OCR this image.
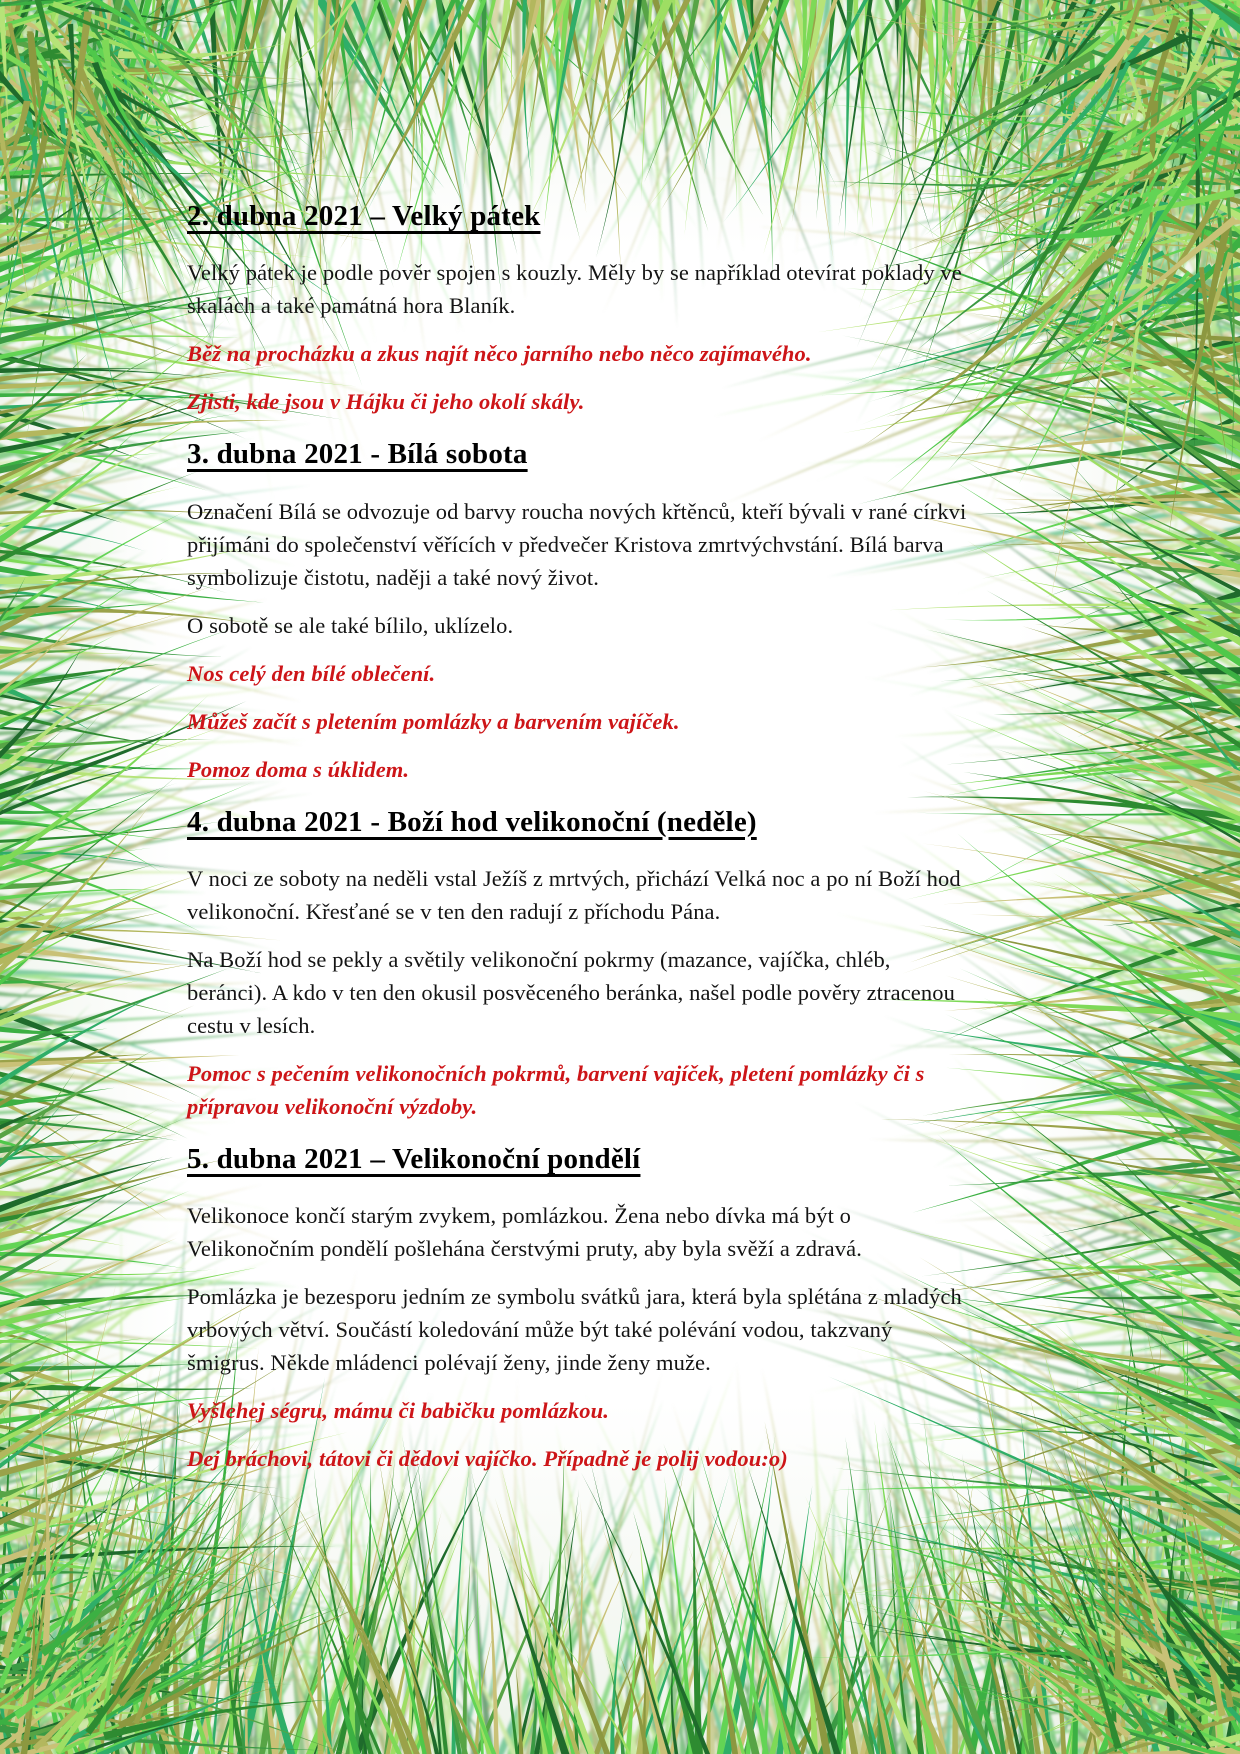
2. dubna 2021 – Velký pátek

Velký pátek je podle pověr spojen s kouzly. Měly by se například otevírat poklady ve skalách a také památná hora Blaník.

Běž na procházku a zkus najít něco jarního nebo něco zajímavého.

Zjisti, kde jsou v Hájku či jeho okolí skály.

3. dubna 2021 - Bílá sobota

Označení Bílá se odvozuje od barvy roucha nových křtěnců, kteří bývali v rané církvi přijímáni do společenství věřících v předvečer Kristova zmrtvýchvstání. Bílá barva symbolizuje čistotu, naději a také nový život.

O sobotě se ale také bílilo, uklízelo.

Nos celý den bílé oblečení.

Můžeš začít s pletením pomlázky a barvením vajíček.

Pomoz doma s úklidem.

4. dubna 2021 - Boží hod velikonoční (neděle)

V noci ze soboty na neděli vstal Ježíš z mrtvých, přichází Velká noc a po ní Boží hod velikonoční. Křesťané se v ten den radují z příchodu Pána.

Na Boží hod se pekly a světily velikonoční pokrmy (mazance, vajíčka, chléb, beránci). A kdo v ten den okusil posvěceného beránka, našel podle pověry ztracenou cestu v lesích.

Pomoc s pečením velikonočních pokrmů, barvení vajíček, pletení pomlázky či s přípravou velikonoční výzdoby.

5. dubna 2021 – Velikonoční pondělí

Velikonoce končí starým zvykem, pomlázkou. Žena nebo dívka má být o Velikonočním pondělí pošlehána čerstvými pruty, aby byla svěží a zdravá.

Pomlázka je bezesporu jedním ze symbolu svátků jara, která byla splétána z mladých vrbových větví. Součástí koledování může být také polévání vodou, takzvaný šmigrus. Někde mládenci polévají ženy, jinde ženy muže.

Vyšlehej ségru, mámu či babičku pomlázkou.

Dej bráchovi, tátovi či dědovi vajíčko. Případně je polij vodou:o)
